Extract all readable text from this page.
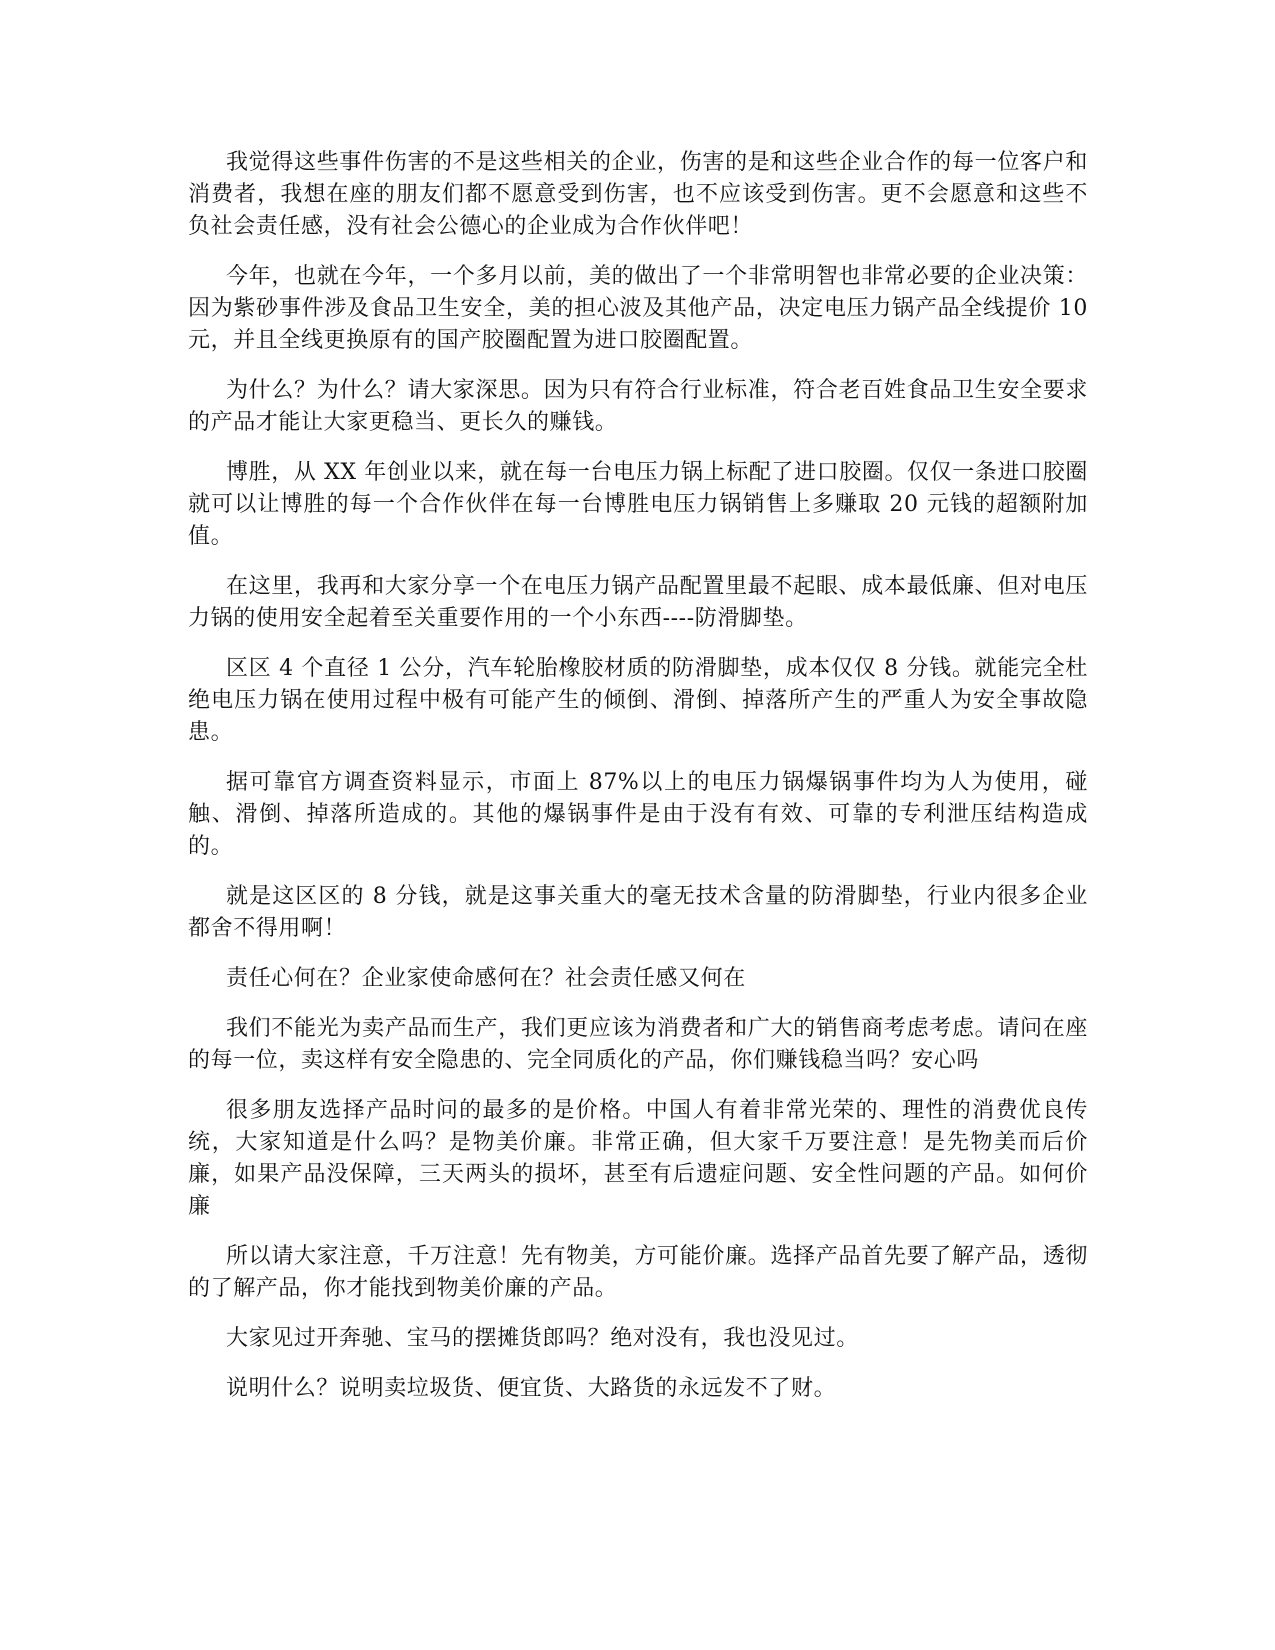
我觉得这些事件伤害的不是这些相关的企业，伤害的是和这些企业合作的每一位客户和消费者，我想在座的朋友们都不愿意受到伤害，也不应该受到伤害。更不会愿意和这些不负社会责任感，没有社会公德心的企业成为合作伙伴吧！

今年，也就在今年，一个多月以前，美的做出了一个非常明智也非常必要的企业决策：因为紫砂事件涉及食品卫生安全，美的担心波及其他产品，决定电压力锅产品全线提价 10 元，并且全线更换原有的国产胶圈配置为进口胶圈配置。

为什么？为什么？请大家深思。因为只有符合行业标准，符合老百姓食品卫生安全要求的产品才能让大家更稳当、更长久的赚钱。

博胜，从 XX 年创业以来，就在每一台电压力锅上标配了进口胶圈。仅仅一条进口胶圈就可以让博胜的每一个合作伙伴在每一台博胜电压力锅销售上多赚取 20 元钱的超额附加值。

在这里，我再和大家分享一个在电压力锅产品配置里最不起眼、成本最低廉、但对电压力锅的使用安全起着至关重要作用的一个小东西----防滑脚垫。

区区 4 个直径 1 公分，汽车轮胎橡胶材质的防滑脚垫，成本仅仅 8 分钱。就能完全杜绝电压力锅在使用过程中极有可能产生的倾倒、滑倒、掉落所产生的严重人为安全事故隐患。

据可靠官方调查资料显示，市面上 87%以上的电压力锅爆锅事件均为人为使用，碰触、滑倒、掉落所造成的。其他的爆锅事件是由于没有有效、可靠的专利泄压结构造成的。

就是这区区的 8 分钱，就是这事关重大的毫无技术含量的防滑脚垫，行业内很多企业都舍不得用啊！

责任心何在？企业家使命感何在？社会责任感又何在

我们不能光为卖产品而生产，我们更应该为消费者和广大的销售商考虑考虑。请问在座的每一位，卖这样有安全隐患的、完全同质化的产品，你们赚钱稳当吗？安心吗

很多朋友选择产品时问的最多的是价格。中国人有着非常光荣的、理性的消费优良传统，大家知道是什么吗？是物美价廉。非常正确，但大家千万要注意！是先物美而后价廉，如果产品没保障，三天两头的损坏，甚至有后遗症问题、安全性问题的产品。如何价廉

所以请大家注意，千万注意！先有物美，方可能价廉。选择产品首先要了解产品，透彻的了解产品，你才能找到物美价廉的产品。

大家见过开奔驰、宝马的摆摊货郎吗？绝对没有，我也没见过。

说明什么？说明卖垃圾货、便宜货、大路货的永远发不了财。
